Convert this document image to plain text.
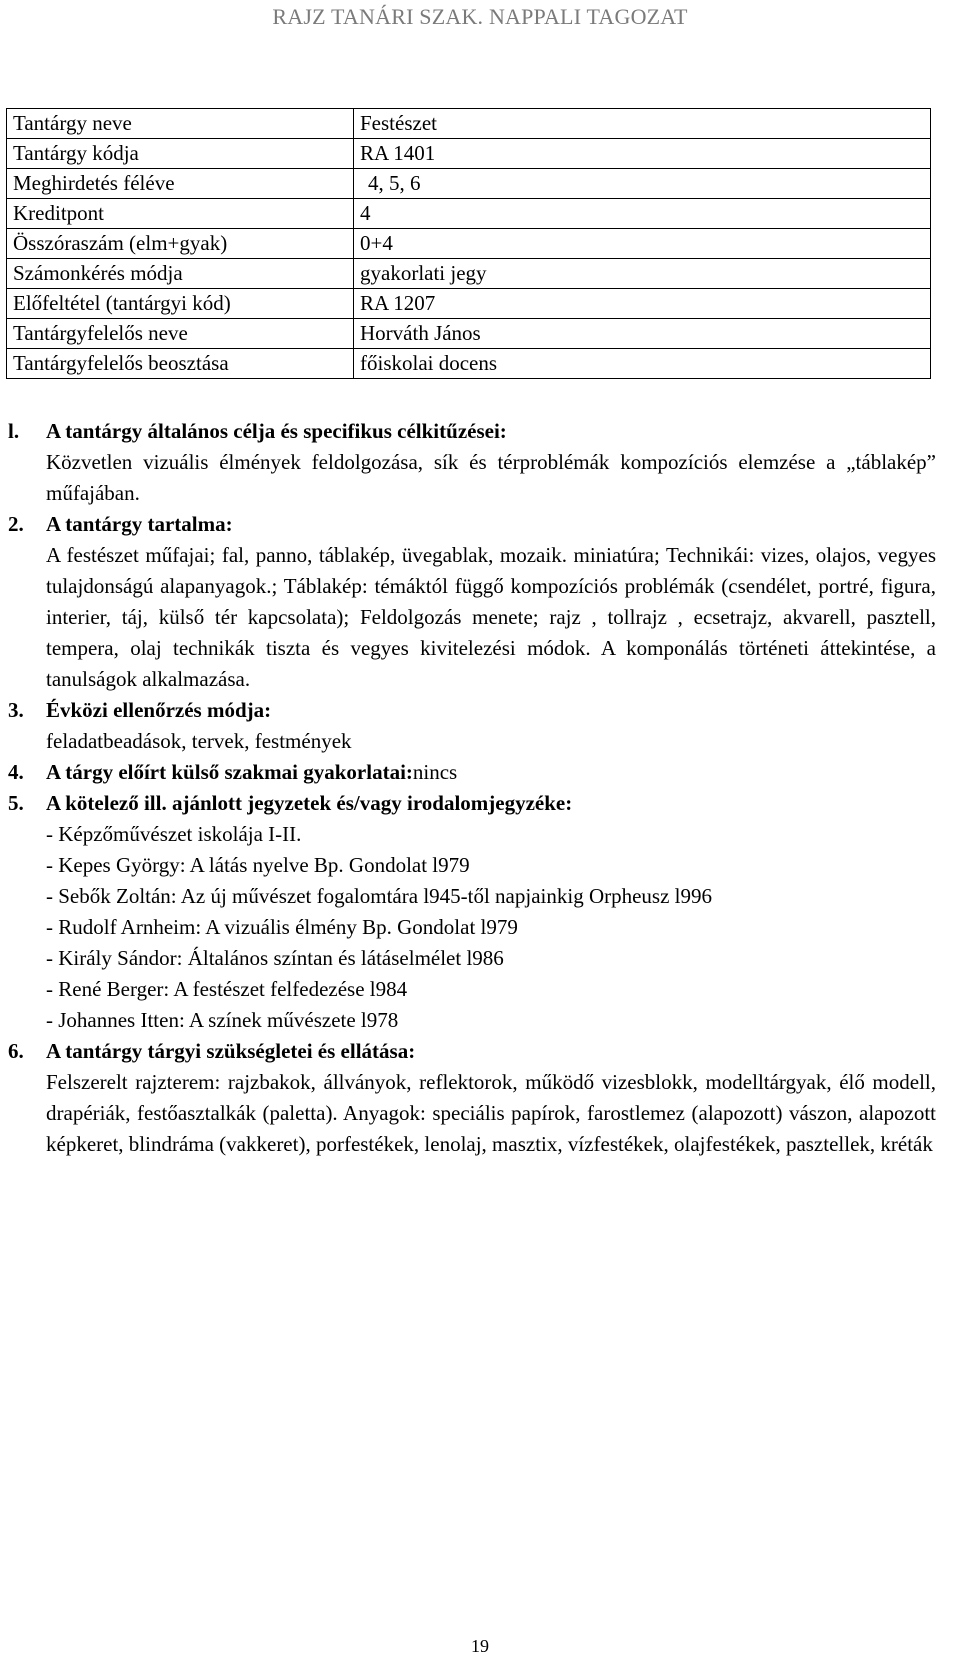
RAJZ TANÁRI SZAK. NAPPALI TAGOZAT
Tantárgy neve	Festészet
Tantárgy kódja	RA 1401
Meghirdetés féléve	4, 5, 6
Kreditpont	4
Összóraszám (elm+gyak)	0+4
Számonkérés módja	gyakorlati jegy
Előfeltétel (tantárgyi kód)	RA 1207
Tantárgyfelelős neve	Horváth János
Tantárgyfelelős beosztása	főiskolai docens
l. A tantárgy általános célja és specifikus célkitűzései:
Közvetlen vizuális élmények feldolgozása, sík és térproblémák kompozíciós elemzése a „táblakép” műfajában.
2. A tantárgy tartalma:
A festészet műfajai; fal, panno, táblakép, üvegablak, mozaik. miniatúra; Technikái: vizes, olajos, vegyes tulajdonságú alapanyagok.; Táblakép: témáktól függő kompozíciós problémák (csendélet, portré, figura, interier, táj, külső tér kapcsolata); Feldolgozás menete; rajz , tollrajz , ecsetrajz, akvarell, pasztell, tempera, olaj technikák tiszta és vegyes kivitelezési módok. A komponálás történeti áttekintése, a tanulságok alkalmazása.
3. Évközi ellenőrzés módja:
feladatbeadások, tervek, festmények
4. A tárgy előírt külső szakmai gyakorlatai:nincs
5. A kötelező ill. ajánlott jegyzetek és/vagy irodalomjegyzéke:
- Képzőművészet iskolája I-II.
- Kepes György: A látás nyelve Bp. Gondolat l979
- Sebők Zoltán: Az új művészet fogalomtára l945-től napjainkig Orpheusz l996
- Rudolf Arnheim: A vizuális élmény Bp. Gondolat l979
- Király Sándor: Általános színtan és látáselmélet l986
- René Berger: A festészet felfedezése l984
- Johannes Itten: A színek művészete l978
6. A tantárgy tárgyi szükségletei és ellátása:
Felszerelt rajzterem: rajzbakok, állványok, reflektorok, működő vizesblokk, modelltárgyak, élő modell, drapériák, festőasztalkák (paletta). Anyagok: speciális papírok, farostlemez (alapozott) vászon, alapozott képkeret, blindráma (vakkeret), porfestékek, lenolaj, masztix, vízfestékek, olajfestékek, pasztellek, kréták
19
